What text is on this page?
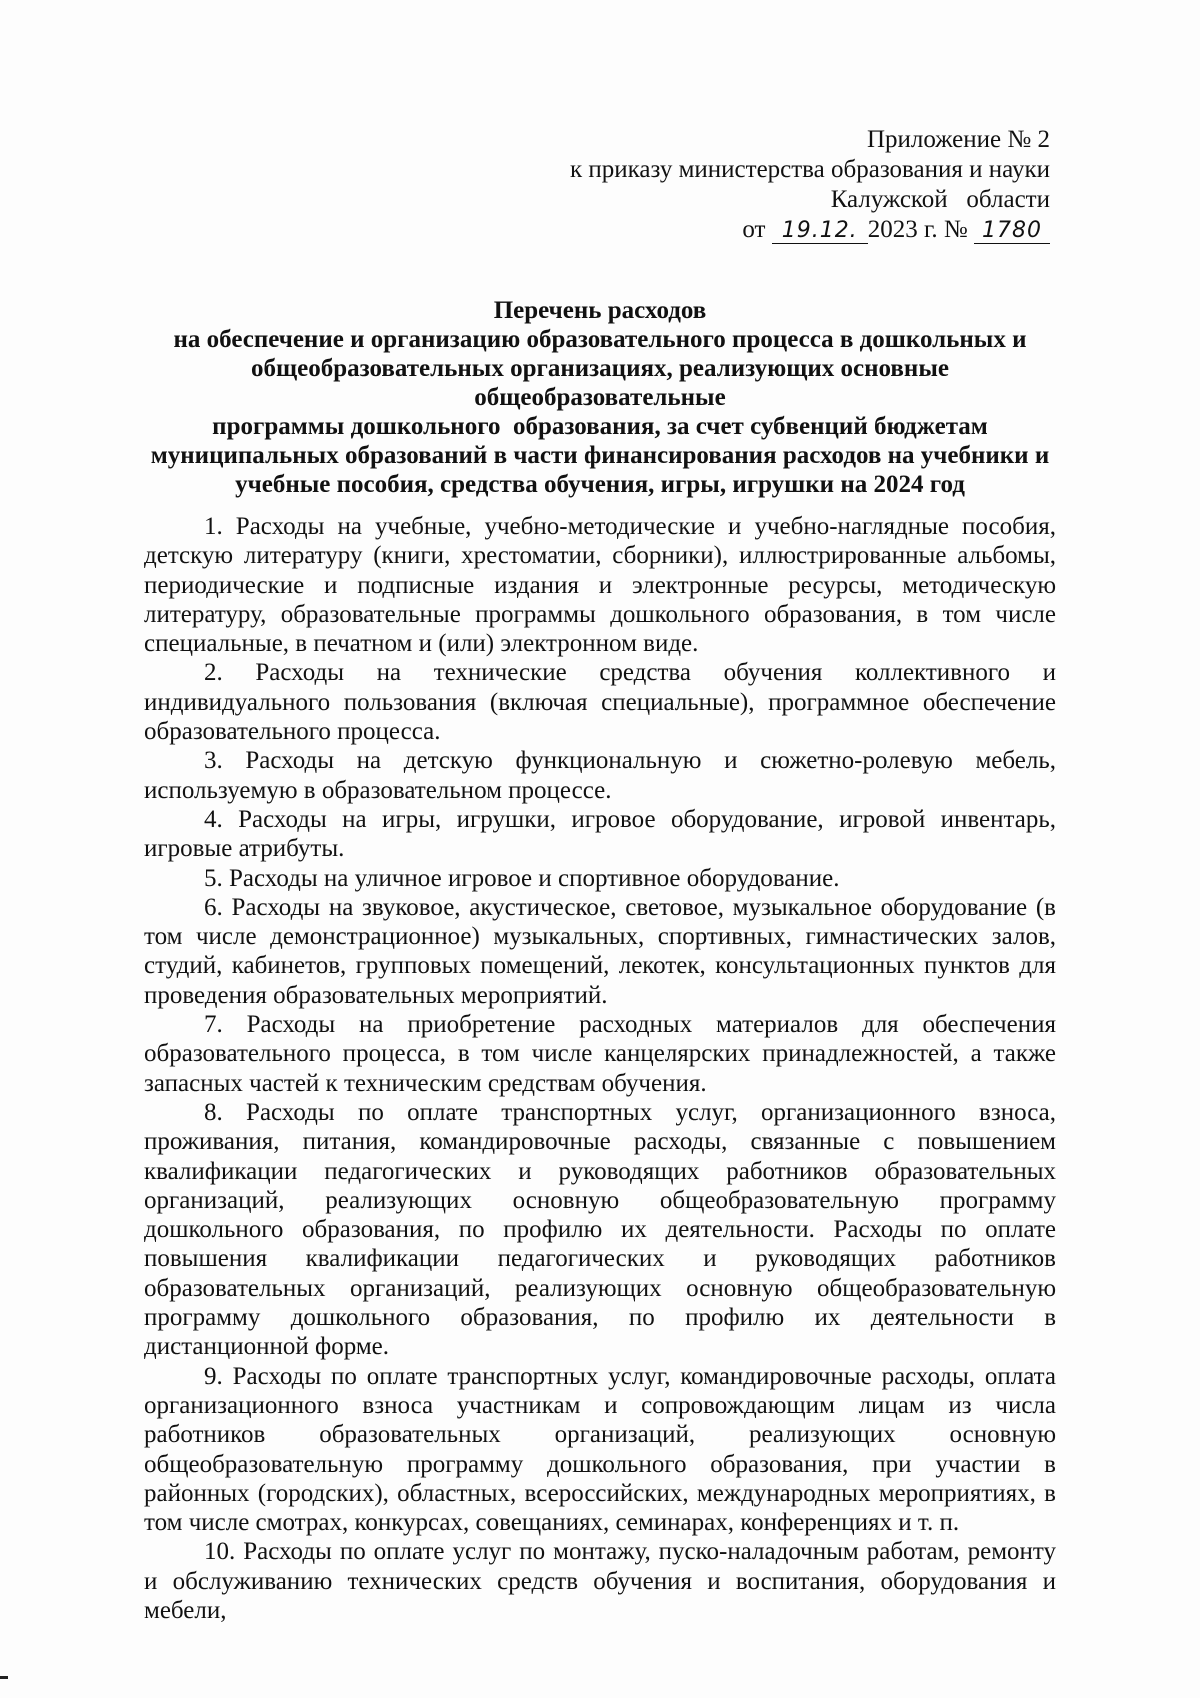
Приложение № 2
к приказу министерства образования и науки
Калужской   области
от 19.12. 2023 г. № 1780
Перечень расходов
на обеспечение и организацию образовательного процесса в дошкольных и
общеобразовательных организациях, реализующих основные общеобразовательные
программы дошкольного  образования, за счет субвенций бюджетам
муниципальных образований в части финансирования расходов на учебники и
учебные пособия, средства обучения, игры, игрушки на 2024 год

1. Расходы на учебные, учебно-методические и учебно-наглядные пособия, детскую литературу (книги, хрестоматии, сборники), иллюстрированные альбомы, периодические и подписные издания и электронные ресурсы, методическую литературу, образовательные программы дошкольного образования, в том числе специальные, в печатном и (или) электронном виде.

2. Расходы на технические средства обучения коллективного и индивидуального пользования (включая специальные), программное обеспечение образовательного процесса.

3. Расходы на детскую функциональную и сюжетно-ролевую мебель, используемую в образовательном процессе.

4. Расходы на игры, игрушки, игровое оборудование, игровой инвентарь, игровые атрибуты.

5. Расходы на уличное игровое и спортивное оборудование.

6. Расходы на звуковое, акустическое, световое, музыкальное оборудование (в том числе демонстрационное) музыкальных, спортивных, гимнастических залов, студий, кабинетов, групповых помещений, лекотек, консультационных пунктов для проведения образовательных мероприятий.

7. Расходы на приобретение расходных материалов для обеспечения образовательного процесса, в том числе канцелярских принадлежностей, а также запасных частей к техническим средствам обучения.

8. Расходы по оплате транспортных услуг, организационного взноса, проживания, питания, командировочные расходы, связанные с повышением квалификации педагогических и руководящих работников образовательных организаций, реализующих основную общеобразовательную программу дошкольного образования, по профилю их деятельности. Расходы по оплате повышения квалификации педагогических и руководящих работников образовательных организаций, реализующих основную общеобразовательную программу дошкольного образования, по профилю их деятельности в дистанционной форме.

9. Расходы по оплате транспортных услуг, командировочные расходы, оплата организационного взноса участникам и сопровождающим лицам из числа работников образовательных организаций, реализующих основную общеобразовательную программу дошкольного образования, при участии в районных (городских), областных, всероссийских, международных мероприятиях, в том числе смотрах, конкурсах, совещаниях, семинарах, конференциях и т. п.

10. Расходы по оплате услуг по монтажу, пуско-наладочным работам, ремонту и обслуживанию технических средств обучения и воспитания, оборудования и мебели,
